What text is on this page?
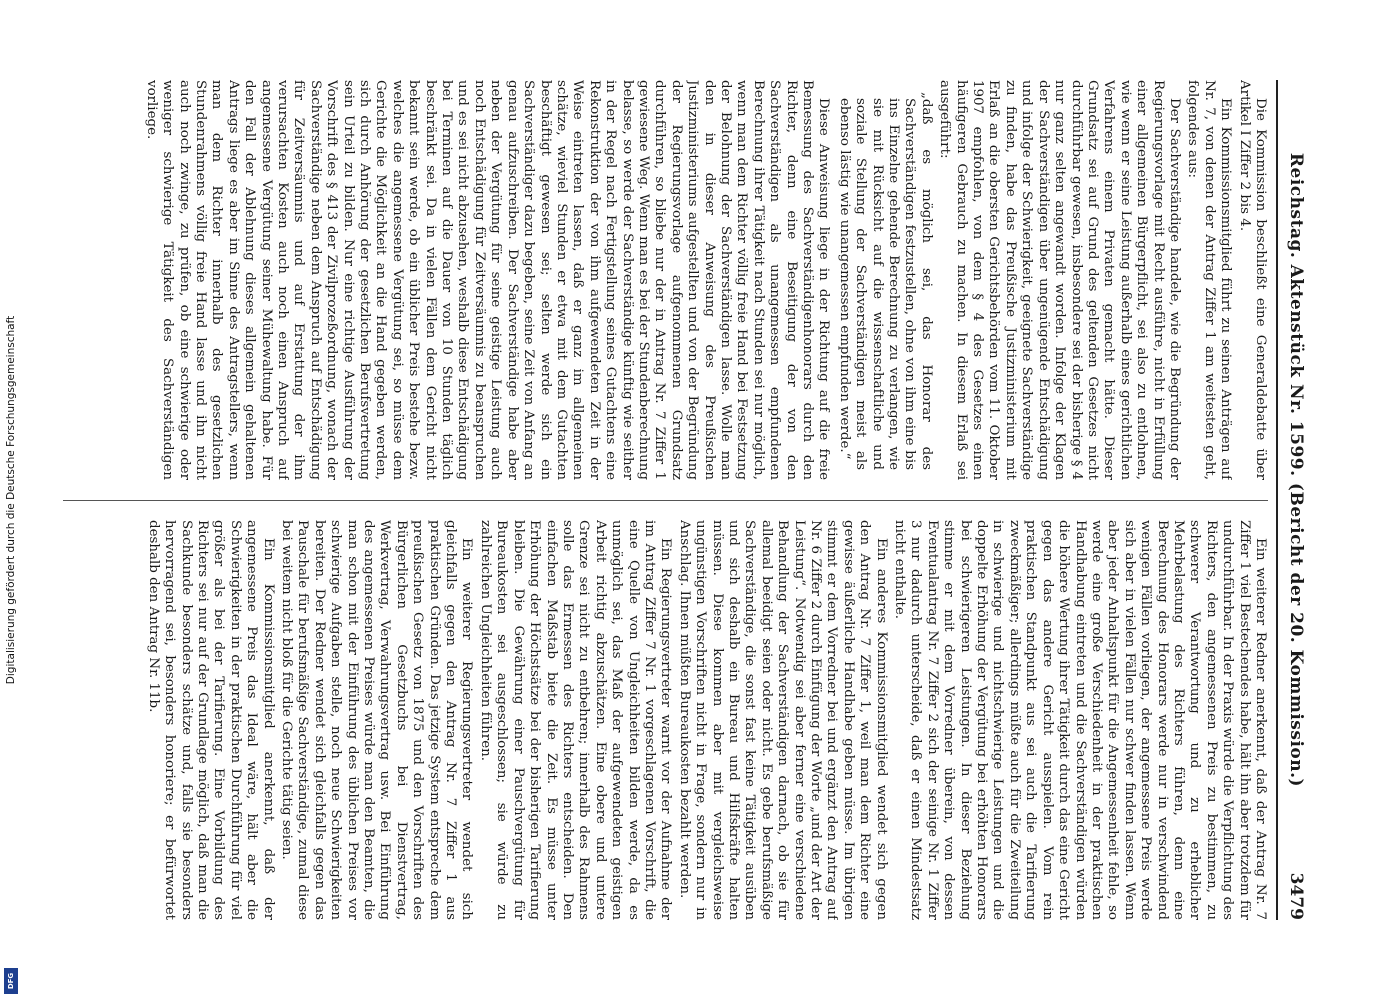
Reichstag. Aktenstück Nr. 1599. (Bericht der 20. Kommission.)
3479

Die Kommission beschließt eine Generaldebatte über Artikel I Ziffer 2 bis 4.

Ein Kommissionsmitglied führt zu seinen Anträgen auf Nr. 7, von denen der Antrag Ziffer 1 am weitesten geht, folgendes aus:

Der Sachverständige handele, wie die Begründung der Regierungsvorlage mit Recht ausführe, nicht in Erfüllung einer allgemeinen Bürgerpflicht, sei also zu entlohnen, wie wenn er seine Leistung außerhalb eines gerichtlichen Verfahrens einem Privaten gemacht hätte. Dieser Grundsatz sei auf Grund des geltenden Gesetzes nicht durchführbar gewesen, insbesondere sei der bisherige § 4 nur ganz selten angewandt worden. Infolge der Klagen der Sachverständigen über ungenügende Entschädigung und infolge der Schwierigkeit, geeignete Sachverständige zu finden, habe das Preußische Justizministerium mit Erlaß an die obersten Gerichtsbehörden vom 11. Oktober 1907 empfohlen, von dem § 4 des Gesetzes einen häufigeren Gebrauch zu machen. In diesem Erlaß sei ausgeführt:

„daß es möglich sei, das Honorar des Sachverständigen festzustellen, ohne von ihm eine bis ins Einzelne gehende Berechnung zu verlangen, wie sie mit Rücksicht auf die wissenschaftliche und soziale Stellung der Sachverständigen meist als ebenso lästig wie unangemessen empfunden werde.“

Diese Anweisung liege in der Richtung auf die freie Bemessung des Sachverständigenhonorars durch den Richter, denn eine Beseitigung der von den Sachverständigen als unangemessen empfundenen Berechnung ihrer Tätigkeit nach Stunden sei nur möglich, wenn man dem Richter völlig freie Hand bei Festsetzung der Belohnung der Sachverständigen lasse. Wolle man den in dieser Anweisung des Preußischen Justizministeriums aufgestellten und von der Begründung der Regierungsvorlage aufgenommenen Grundsatz durchführen, so bliebe nur der in Antrag Nr. 7 Ziffer 1 gewiesene Weg. Wenn man es bei der Stundenberechnung belasse, so werde der Sachverständige künftig wie seither in der Regel nach Fertigstellung seines Gutachtens eine Rekonstruktion der von ihm aufgewendeten Zeit in der Weise eintreten lassen, daß er ganz im allgemeinen schätze, wieviel Stunden er etwa mit dem Gutachten beschäftigt gewesen sei; selten werde sich ein Sachverständiger dazu begeben, seine Zeit von Anfang an genau aufzuschreiben. Der Sachverständige habe aber neben der Vergütung für seine geistige Leistung auch noch Entschädigung für Zeitversäumnis zu beanspruchen und es sei nicht abzusehen, weshalb diese Entschädigung bei Terminen auf die Dauer von 10 Stunden täglich beschränkt sei. Da in vielen Fällen dem Gericht nicht bekannt sein werde, ob ein üblicher Preis bestehe bezw. welches die angemessene Vergütung sei, so müsse dem Gerichte die Möglichkeit an die Hand gegeben werden, sich durch Anhörung der gesetzlichen Berufsvertretung sein Urteil zu bilden. Nur eine richtige Ausführung der Vorschrift des § 413 der Zivilprozeßordnung, wonach der Sachverständige neben dem Anspruch auf Entschädigung für Zeitversäumnis und auf Erstattung der ihm verursachten Kosten auch noch einen Anspruch auf angemessene Vergütung seiner Mühewaltung habe. Für den Fall der Ablehnung dieses allgemein gehaltenen Antrags liege es aber im Sinne des Antragstellers, wenn man dem Richter innerhalb des gesetzlichen Stundenrahmens völlig freie Hand lasse und ihn nicht auch noch zwinge, zu prüfen, ob eine schwierige oder weniger schwierige Tätigkeit des Sachverständigen vorliege.

Ein weiterer Redner anerkennt, daß der Antrag Nr. 7 Ziffer 1 viel Bestechendes habe, hält ihn aber trotzdem für undurchführbar. In der Praxis würde die Verpflichtung des Richters, den angemessenen Preis zu bestimmen, zu schwerer Verantwortung und zu erheblicher Mehrbelastung des Richters führen, denn eine Berechnung des Honorars werde nur in verschwindend wenigen Fällen vorliegen, der angemessene Preis werde sich aber in vielen Fällen nur schwer finden lassen. Wenn aber jeder Anhaltspunkt für die Angemessenheit fehle, so werde eine große Verschiedenheit in der praktischen Handhabung eintreten und die Sachverständigen würden die höhere Wertung ihrer Tätigkeit durch das eine Gericht gegen das andere Gericht ausspielen. Vom rein praktischen Standpunkt aus sei auch die Tarifierung zweckmäßiger; allerdings müßte auch für die Zweiteilung in schwierige und nichtschwierige Leistungen und die doppelte Erhöhung der Vergütung bei erhöhten Honorars bei schwierigeren Leistungen. In dieser Beziehung stimme er mit dem Vorredner überein, von dessen Eventualantrag Nr. 7 Ziffer 2 sich der seinige Nr. 1 Ziffer 3 nur dadurch unterscheide, daß er einen Mindestsatz nicht enthalte.

Ein anderes Kommissionsmitglied wendet sich gegen den Antrag Nr. 7 Ziffer 1, weil man dem Richter eine gewisse äußerliche Handhabe geben müsse. Im übrigen stimmt er dem Vorredner bei und ergänzt den Antrag auf Nr. 6 Ziffer 2 durch Einfügung der Worte „und der Art der Leistung“. Notwendig sei aber ferner eine verschiedene Behandlung der Sachverständigen darnach, ob sie für allemal beeidigt seien oder nicht. Es gebe berufsmäßige Sachverständige, die sonst fast keine Tätigkeit ausüben und sich deshalb ein Bureau und Hilfskräfte halten müssen. Diese kommen aber mit vergleichsweise ungünstigen Vorschriften nicht in Frage, sondern nur in Anschlag. Ihnen müßten Bureaukosten bezahlt werden.

Ein Regierungsvertreter warnt vor der Aufnahme der im Antrag Ziffer 7 Nr. 1 vorgeschlagenen Vorschrift, die eine Quelle von Ungleichheiten bilden werde, da es unmöglich sei, das Maß der aufgewendeten geistigen Arbeit richtig abzuschätzen. Eine obere und untere Grenze sei nicht zu entbehren; innerhalb des Rahmens solle das Ermessen des Richters entscheiden. Den einfachen Maßstab biete die Zeit. Es müsse unter Erhöhung der Höchstsätze bei der bisherigen Tarifierung bleiben. Die Gewährung einer Pauschvergütung für Bureaukosten sei ausgeschlossen; sie würde zu zahlreichen Ungleichheiten führen.

Ein weiterer Regierungsvertreter wendet sich gleichfalls gegen den Antrag Nr. 7 Ziffer 1 aus praktischen Gründen. Das jetzige System entspreche dem preußischen Gesetz von 1875 und den Vorschriften des Bürgerlichen Gesetzbuchs bei Dienstvertrag, Werkvertrag, Verwahrungsvertrag usw. Bei Einführung des angemessenen Preises würde man den Beamten, die man schon mit der Einführung des üblichen Preises vor schwierige Aufgaben stelle, noch neue Schwierigkeiten bereiten. Der Redner wendet sich gleichfalls gegen das Pauschale für berufsmäßige Sachverständige, zumal diese bei weitem nicht bloß für die Gerichte tätig seien.

Ein Kommissionsmitglied anerkennt, daß der angemessene Preis das Ideal wäre, hält aber die Schwierigkeiten in der praktischen Durchführung für viel größer als bei der Tarifierung. Eine Vorbildung des Richters sei nur auf der Grundlage möglich, daß man die Sachkunde besonders schätze und, falls sie besonders hervorragend sei, besonders honoriere; er befürwortet deshalb den Antrag Nr. 11b.

Digitalisierung gefördert durch die Deutsche Forschungsgemeinschaft
DFG
